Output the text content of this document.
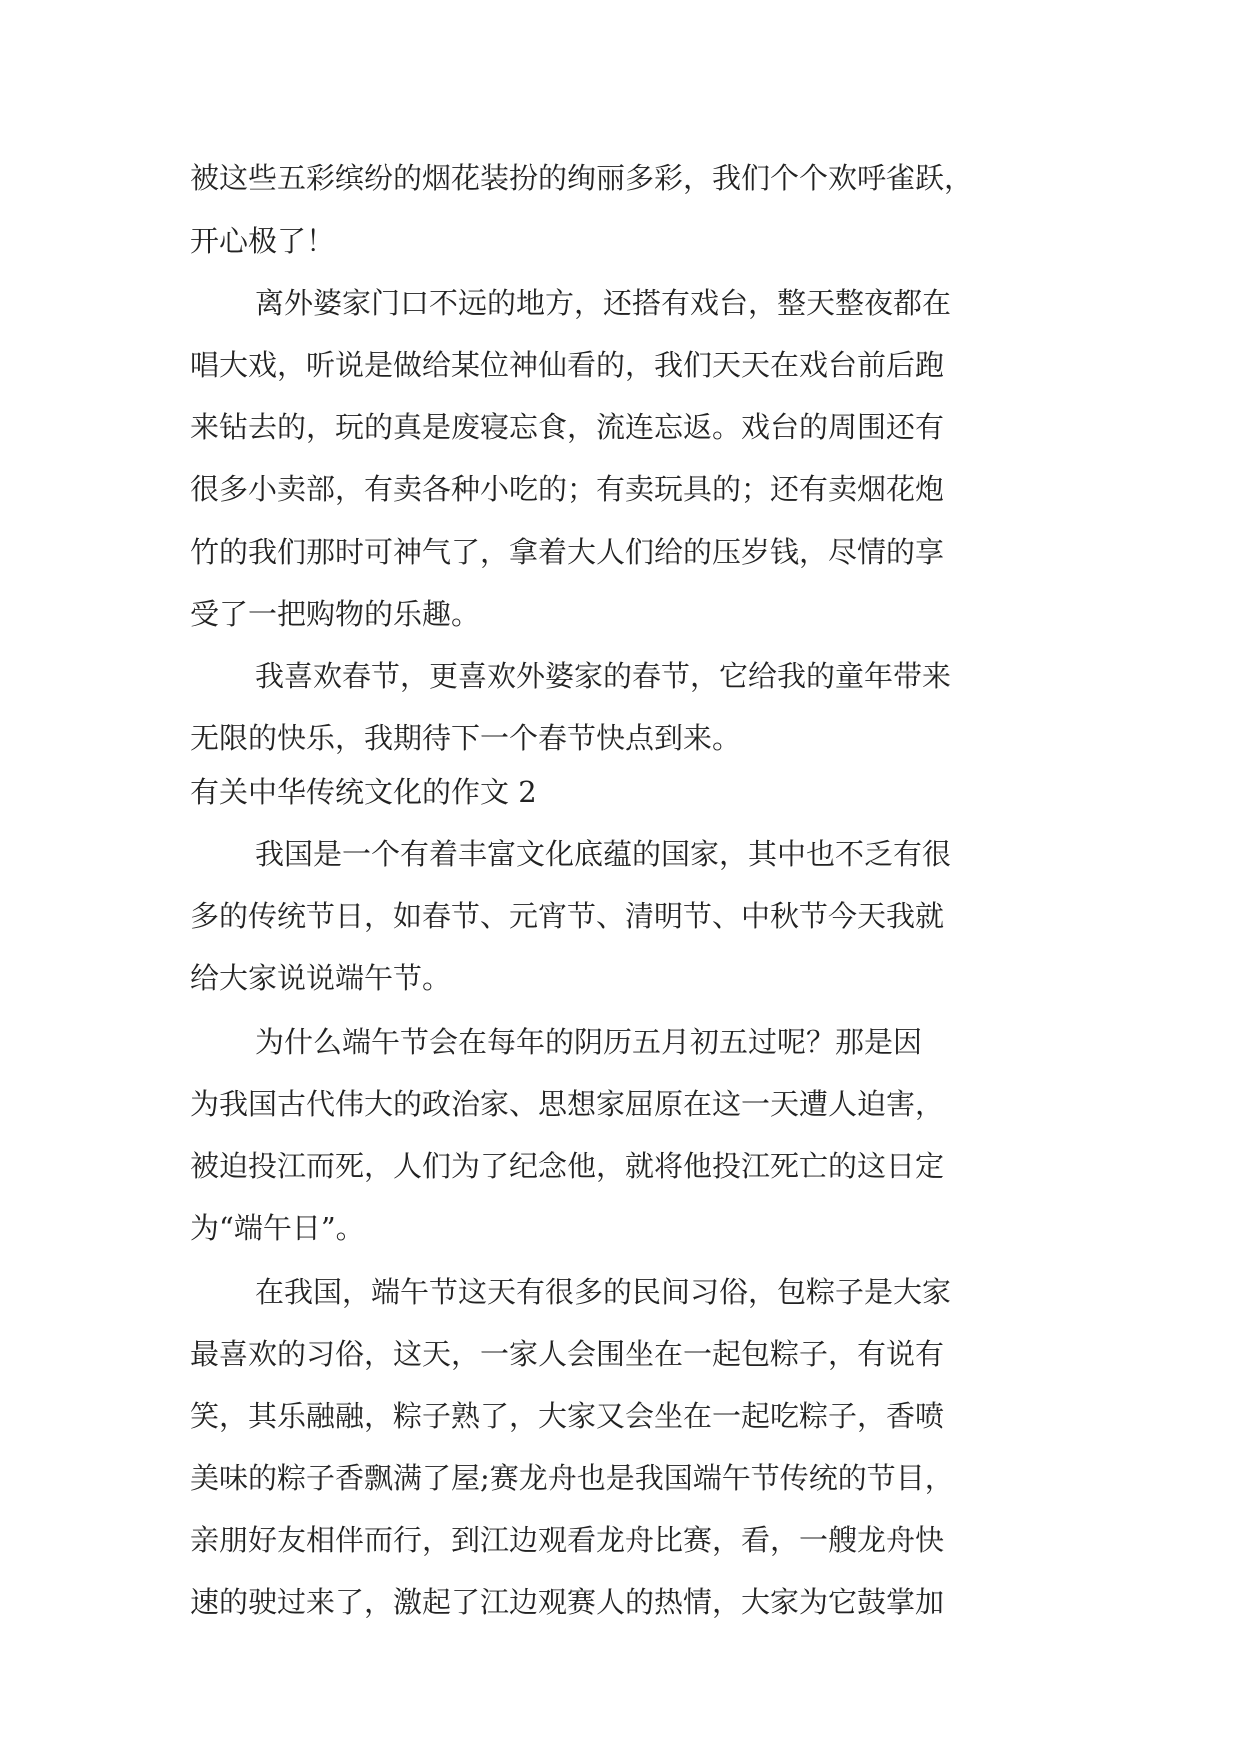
被这些五彩缤纷的烟花装扮的绚丽多彩，我们个个欢呼雀跃，

开心极了！

离外婆家门口不远的地方，还搭有戏台，整天整夜都在

唱大戏，听说是做给某位神仙看的，我们天天在戏台前后跑

来钻去的，玩的真是废寝忘食，流连忘返。戏台的周围还有

很多小卖部，有卖各种小吃的；有卖玩具的；还有卖烟花炮

竹的我们那时可神气了，拿着大人们给的压岁钱，尽情的享

受了一把购物的乐趣。

我喜欢春节，更喜欢外婆家的春节，它给我的童年带来

无限的快乐，我期待下一个春节快点到来。

有关中华传统文化的作文 2

我国是一个有着丰富文化底蕴的国家，其中也不乏有很

多的传统节日，如春节、元宵节、清明节、中秋节今天我就

给大家说说端午节。

为什么端午节会在每年的阴历五月初五过呢？那是因

为我国古代伟大的政治家、思想家屈原在这一天遭人迫害，

被迫投江而死，人们为了纪念他，就将他投江死亡的这日定

为“端午日”。

在我国，端午节这天有很多的民间习俗，包粽子是大家

最喜欢的习俗，这天，一家人会围坐在一起包粽子，有说有

笑，其乐融融，粽子熟了，大家又会坐在一起吃粽子，香喷

美味的粽子香飘满了屋;赛龙舟也是我国端午节传统的节目，

亲朋好友相伴而行，到江边观看龙舟比赛，看，一艘龙舟快

速的驶过来了，激起了江边观赛人的热情，大家为它鼓掌加
